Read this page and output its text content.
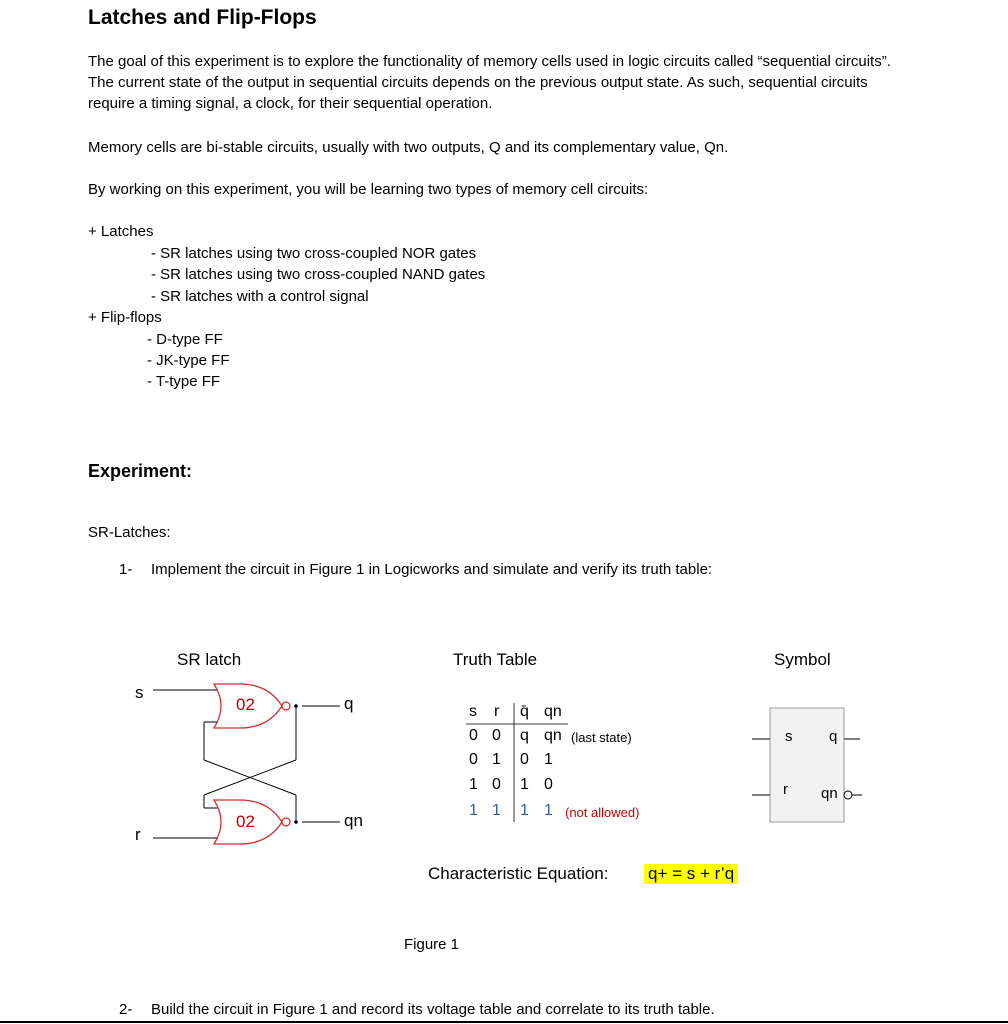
Latches and Flip-Flops
The goal of this experiment is to explore the functionality of memory cells used in logic circuits called “sequential circuits”. The current state of the output in sequential circuits depends on the previous output state. As such, sequential circuits require a timing signal, a clock, for their sequential operation.
Memory cells are bi-stable circuits, usually with two outputs, Q and its complementary value, Qn.
By working on this experiment, you will be learning two types of memory cell circuits:
+ Latches
- SR latches using two cross-coupled NOR gates
- SR latches using two cross-coupled NAND gates
- SR latches with a control signal
+ Flip-flops
- D-type FF
- JK-type FF
- T-type FF
Experiment:
SR-Latches:
1- Implement the circuit in Figure 1 in Logicworks and simulate and verify its truth table:
SR latch	Truth Table	Symbol
s
r
02
02
q
qn
s r q̄ qn
0 0 q qn (last state)
0 1 0 1
1 0 1 0
1 1 1 1 (not allowed)
s q
r qn
Characteristic Equation: q+ = s + r’q
Figure 1
2- Build the circuit in Figure 1 and record its voltage table and correlate to its truth table.
